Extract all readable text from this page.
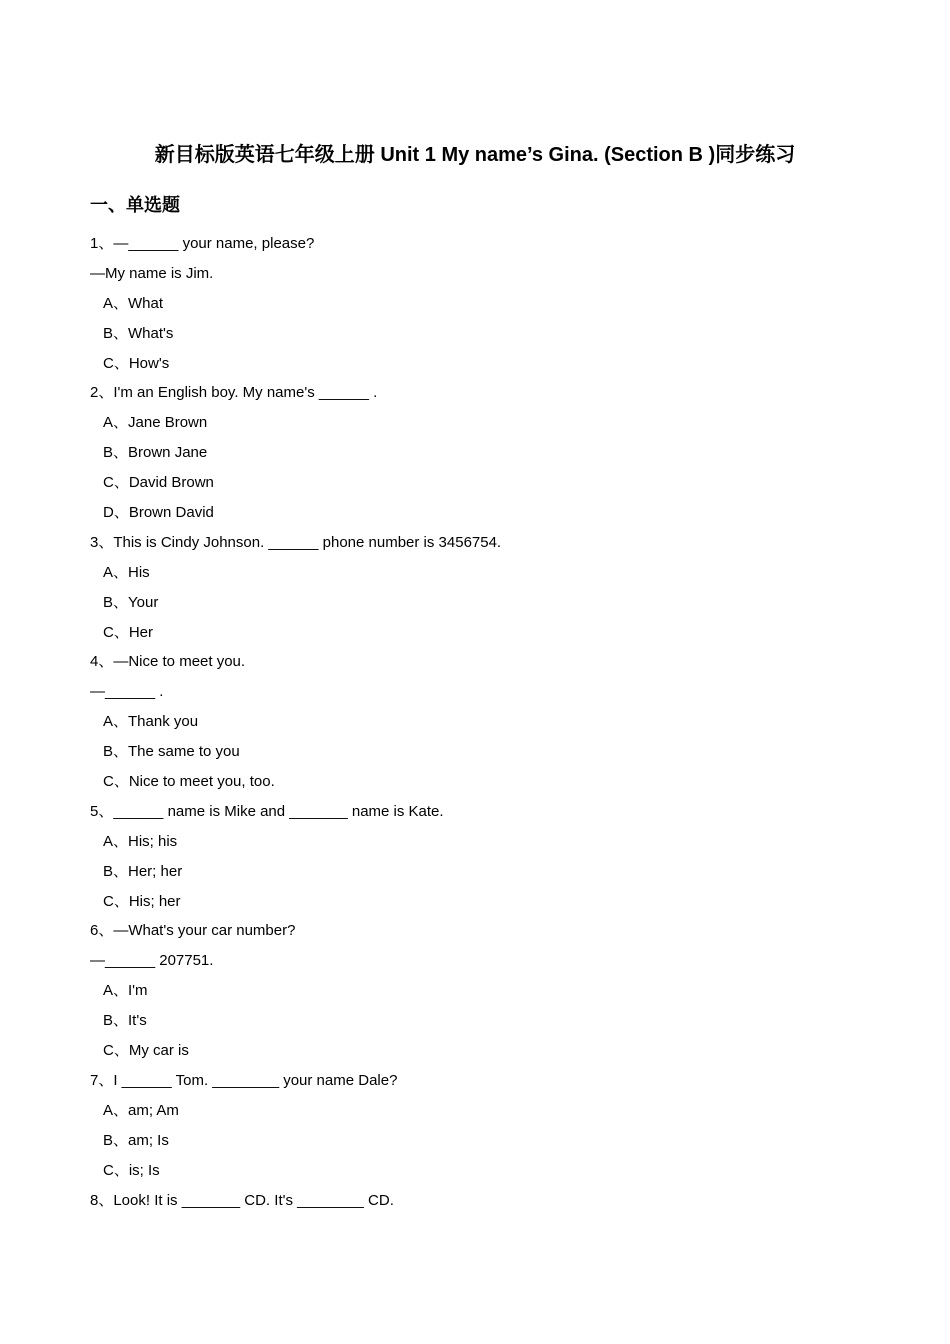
新目标版英语七年级上册 Unit 1 My name’s Gina. (Section B )同步练习
一、单选题
1、—______ your name, please?
—My name is Jim.
A、What
B、What's
C、How's
2、I'm an English boy. My name's ______ .
A、Jane Brown
B、Brown Jane
C、David Brown
D、Brown David
3、This is Cindy Johnson. ______ phone number is 3456754.
A、His
B、Your
C、Her
4、—Nice to meet you.
—______ .
A、Thank you
B、The same to you
C、Nice to meet you, too.
5、______ name is Mike and _______ name is Kate.
A、His; his
B、Her; her
C、His; her
6、—What's your car number?
—______ 207751.
A、I'm
B、It's
C、My car is
7、I ______ Tom. ________ your name Dale?
A、am; Am
B、am; Is
C、is; Is
8、Look! It is _______ CD. It's ________ CD.
